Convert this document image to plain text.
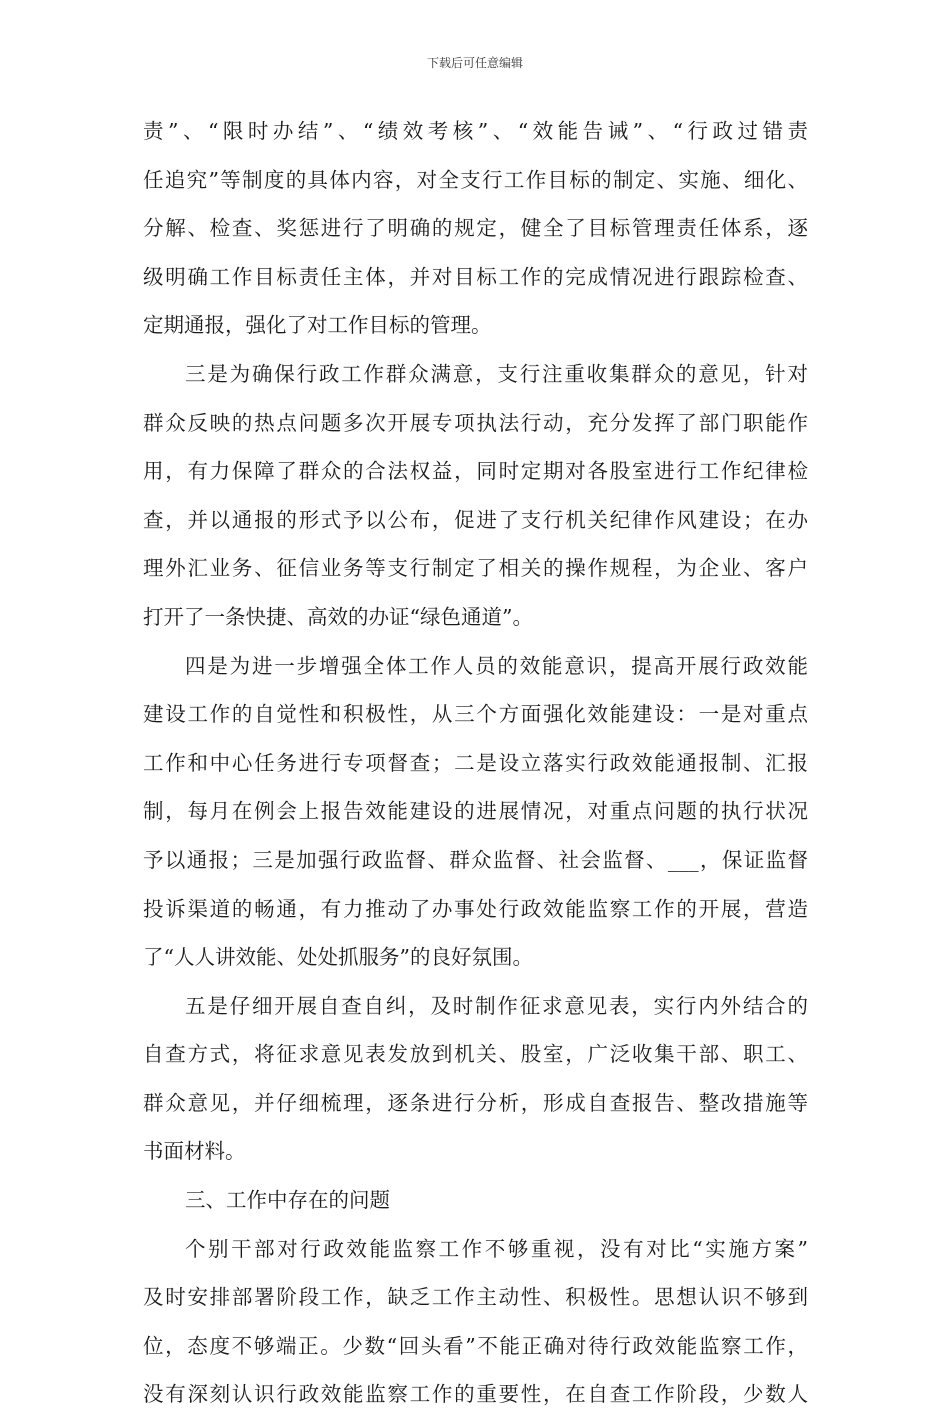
下载后可任意编辑
责”、“限时办结”、“绩效考核”、“效能告诫”、“行政过错责
任追究”等制度的具体内容，对全支行工作目标的制定、实施、细化、
分解、检查、奖惩进行了明确的规定，健全了目标管理责任体系，逐
级明确工作目标责任主体，并对目标工作的完成情况进行跟踪检查、
定期通报，强化了对工作目标的管理。
三是为确保行政工作群众满意，支行注重收集群众的意见，针对
群众反映的热点问题多次开展专项执法行动，充分发挥了部门职能作
用，有力保障了群众的合法权益，同时定期对各股室进行工作纪律检
查，并以通报的形式予以公布，促进了支行机关纪律作风建设；在办
理外汇业务、征信业务等支行制定了相关的操作规程，为企业、客户
打开了一条快捷、高效的办证“绿色通道”。
四是为进一步增强全体工作人员的效能意识，提高开展行政效能
建设工作的自觉性和积极性，从三个方面强化效能建设：一是对重点
工作和中心任务进行专项督查；二是设立落实行政效能通报制、汇报
制，每月在例会上报告效能建设的进展情况，对重点问题的执行状况
予以通报；三是加强行政监督、群众监督、社会监督、___，保证监督
投诉渠道的畅通，有力推动了办事处行政效能监察工作的开展，营造
了“人人讲效能、处处抓服务”的良好氛围。
五是仔细开展自查自纠，及时制作征求意见表，实行内外结合的
自查方式，将征求意见表发放到机关、股室，广泛收集干部、职工、
群众意见，并仔细梳理，逐条进行分析，形成自查报告、整改措施等
书面材料。
三、工作中存在的问题
个别干部对行政效能监察工作不够重视，没有对比“实施方案”
及时安排部署阶段工作，缺乏工作主动性、积极性。思想认识不够到
位，态度不够端正。少数“回头看”不能正确对待行政效能监察工作，
没有深刻认识行政效能监察工作的重要性，在自查工作阶段，少数人
